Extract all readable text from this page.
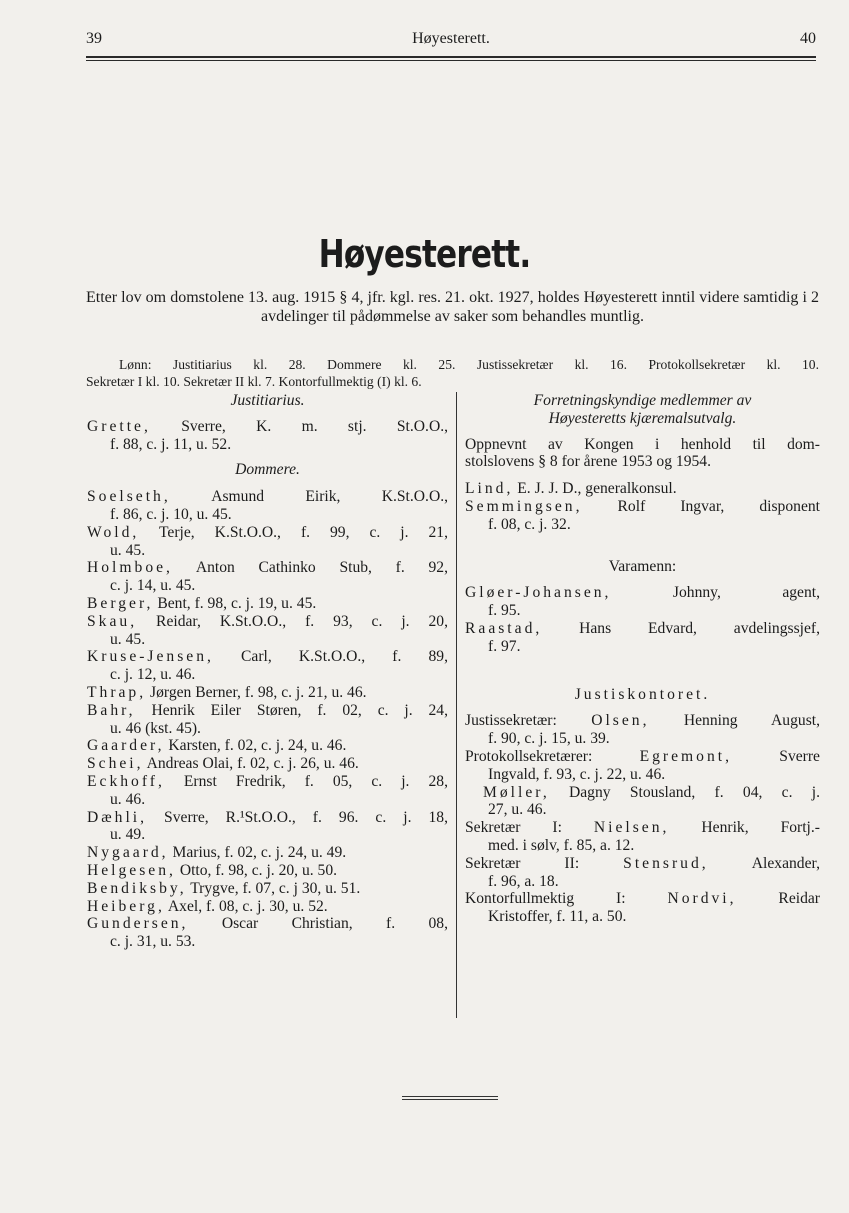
39	Høyesterett.	40
Høyesterett.
Etter lov om domstolene 13. aug. 1915 § 4, jfr. kgl. res. 21. okt. 1927, holdes Høyesterett inntil videre samtidig i 2 avdelinger til pådømmelse av saker som behandles muntlig.
Lønn: Justitiarius kl. 28. Dommere kl. 25. Justissekretær kl. 16. Protokollsekretær kl. 10.
Sekretær I kl. 10. Sekretær II kl. 7. Kontorfullmektig (I) kl. 6.
Justitiarius.
Grette, Sverre, K. m. stj. St.O.O.,
f. 88, c. j. 11, u. 52.
Dommere.
Soelseth, Asmund Eirik, K.St.O.O.,
f. 86, c. j. 10, u. 45.
Wold, Terje, K.St.O.O., f. 99, c. j. 21,
u. 45.
Holmboe, Anton Cathinko Stub, f. 92,
c. j. 14, u. 45.
Berger, Bent, f. 98, c. j. 19, u. 45.
Skau, Reidar, K.St.O.O., f. 93, c. j. 20,
u. 45.
Kruse-Jensen, Carl, K.St.O.O., f. 89,
c. j. 12, u. 46.
Thrap, Jørgen Berner, f. 98, c. j. 21, u. 46.
Bahr, Henrik Eiler Støren, f. 02, c. j. 24,
u. 46 (kst. 45).
Gaarder, Karsten, f. 02, c. j. 24, u. 46.
Schei, Andreas Olai, f. 02, c. j. 26, u. 46.
Eckhoff, Ernst Fredrik, f. 05, c. j. 28,
u. 46.
Dæhli, Sverre, R.¹St.O.O., f. 96. c. j. 18,
u. 49.
Nygaard, Marius, f. 02, c. j. 24, u. 49.
Helgesen, Otto, f. 98, c. j. 20, u. 50.
Bendiksby, Trygve, f. 07, c. j 30, u. 51.
Heiberg, Axel, f. 08, c. j. 30, u. 52.
Gundersen, Oscar Christian, f. 08,
c. j. 31, u. 53.
Forretningskyndige medlemmer av
Høyesteretts kjæremalsutvalg.
Oppnevnt av Kongen i henhold til dom-
stolslovens § 8 for årene 1953 og 1954.
Lind, E. J. J. D., generalkonsul.
Semmingsen, Rolf Ingvar, disponent
f. 08, c. j. 32.
Varamenn:
Gløer-Johansen, Johnny, agent,
f. 95.
Raastad, Hans Edvard, avdelingssjef,
f. 97.
Justiskontoret.
Justissekretær: Olsen, Henning August,
f. 90, c. j. 15, u. 39.
Protokollsekretærer: Egremont, Sverre
Ingvald, f. 93, c. j. 22, u. 46.
Møller, Dagny Stousland, f. 04, c. j.
27, u. 46.
Sekretær I: Nielsen, Henrik, Fortj.-
med. i sølv, f. 85, a. 12.
Sekretær II: Stensrud, Alexander,
f. 96, a. 18.
Kontorfullmektig I: Nordvi, Reidar
Kristoffer, f. 11, a. 50.
